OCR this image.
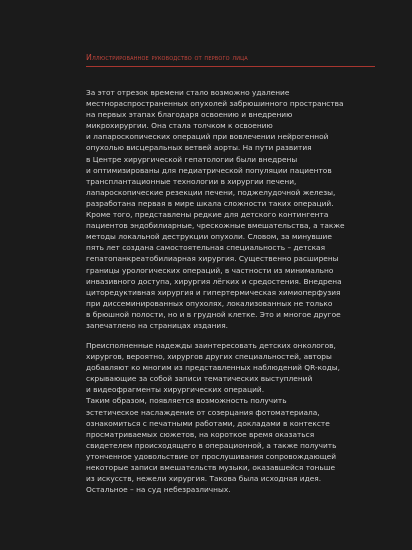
Иллюстрированное руководство от первого лица
За этот отрезок времени стало возможно удаление
местнораспространенных опухолей забрюшинного пространства
на первых этапах благодаря освоению и внедрению
микрохирургии. Она стала толчком к освоению
и лапароскопических операций при вовлечении нейрогенной
опухолью висцеральных ветвей аорты. На пути развития
в Центре хирургической гепатологии были внедрены
и оптимизированы для педиатрической популяции пациентов
трансплантационные технологии в хирургии печени,
лапароскопические резекции печени, поджелудочной железы,
разработана первая в мире шкала сложности таких операций.
Кроме того, представлены редкие для детского контингента
пациентов эндобилиарные, чрескожные вмешательства, а также
методы локальной деструкции опухоли. Словом, за минувшие
пять лет создана самостоятельная специальность – детская
гепатопанкреатобилиарная хирургия. Существенно расширены
границы урологических операций, в частности из минимально
инвазивного доступа, хирургия лёгких и средостения. Внедрена
циторедуктивная хирургия и гипертермическая химиоперфузия
при диссеминированных опухолях, локализованных не только
в брюшной полости, но и в грудной клетке. Это и многое другое
запечатлено на страницах издания.
Преисполненные надежды заинтересовать детских онкологов,
хирургов, вероятно, хирургов других специальностей, авторы
добавляют ко многим из представленных наблюдений QR-коды,
скрывающие за собой записи тематических выступлений
и видеофрагменты хирургических операций.
Таким образом, появляется возможность получить
эстетическое наслаждение от созерцания фотоматериала,
ознакомиться с печатными работами, докладами в контексте
просматриваемых сюжетов, на короткое время оказаться
свидетелем происходящего в операционной, а также получить
утонченное удовольствие от прослушивания сопровождающей
некоторые записи вмешательств музыки, оказавшейся тоньше
из искусств, нежели хирургия. Такова была исходная идея.
Остальное – на суд небезразличных.
